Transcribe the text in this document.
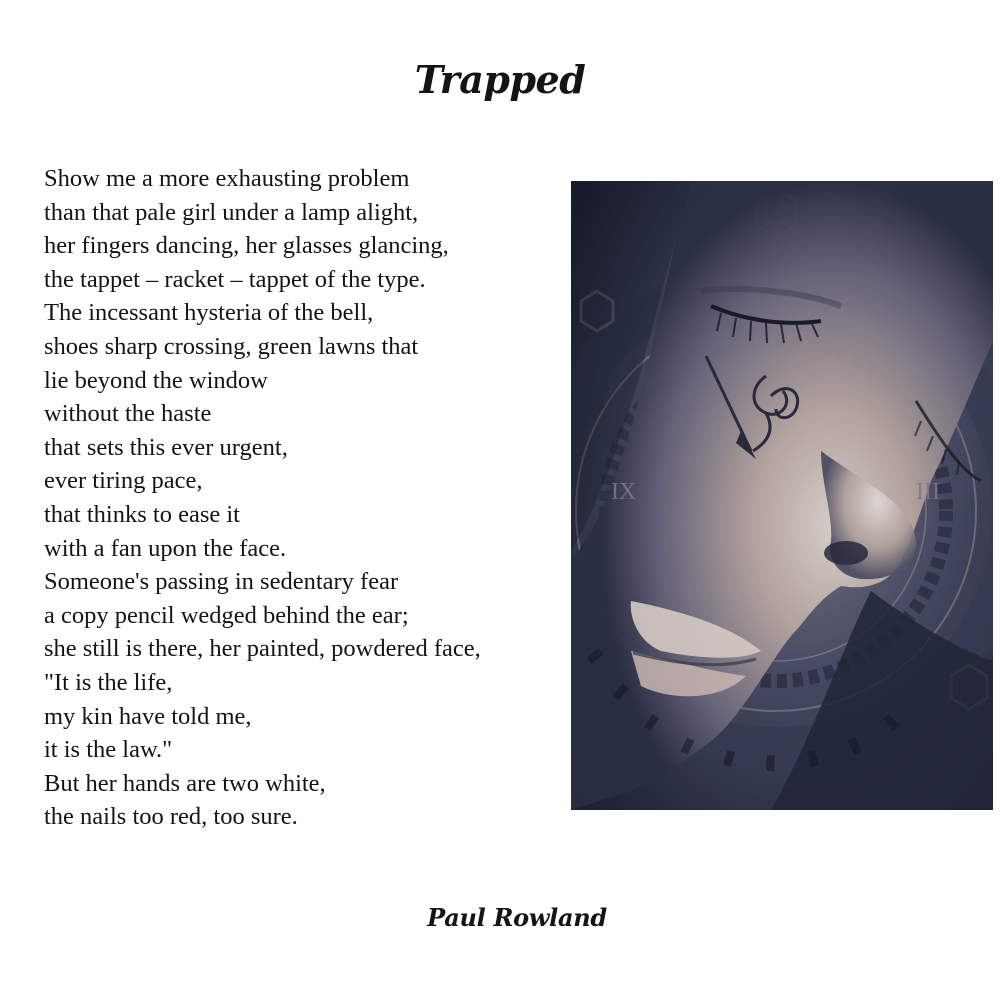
Trapped
Show me a more exhausting problem
than that pale girl under a lamp alight,
her fingers dancing, her glasses glancing,
the tappet – racket – tappet of the type.
The incessant hysteria of the bell,
shoes sharp crossing, green lawns that
lie beyond the window
without the haste
that sets this ever urgent,
ever tiring pace,
that thinks to ease it
with a fan upon the face.
Someone's passing in sedentary fear
a copy pencil wedged behind the ear;
she still is there, her painted, powdered face,
"It is the life,
my kin have told me,
it is the law."
But her hands are two white,
the nails too red, too sure.
IX	III
Paul Rowland
